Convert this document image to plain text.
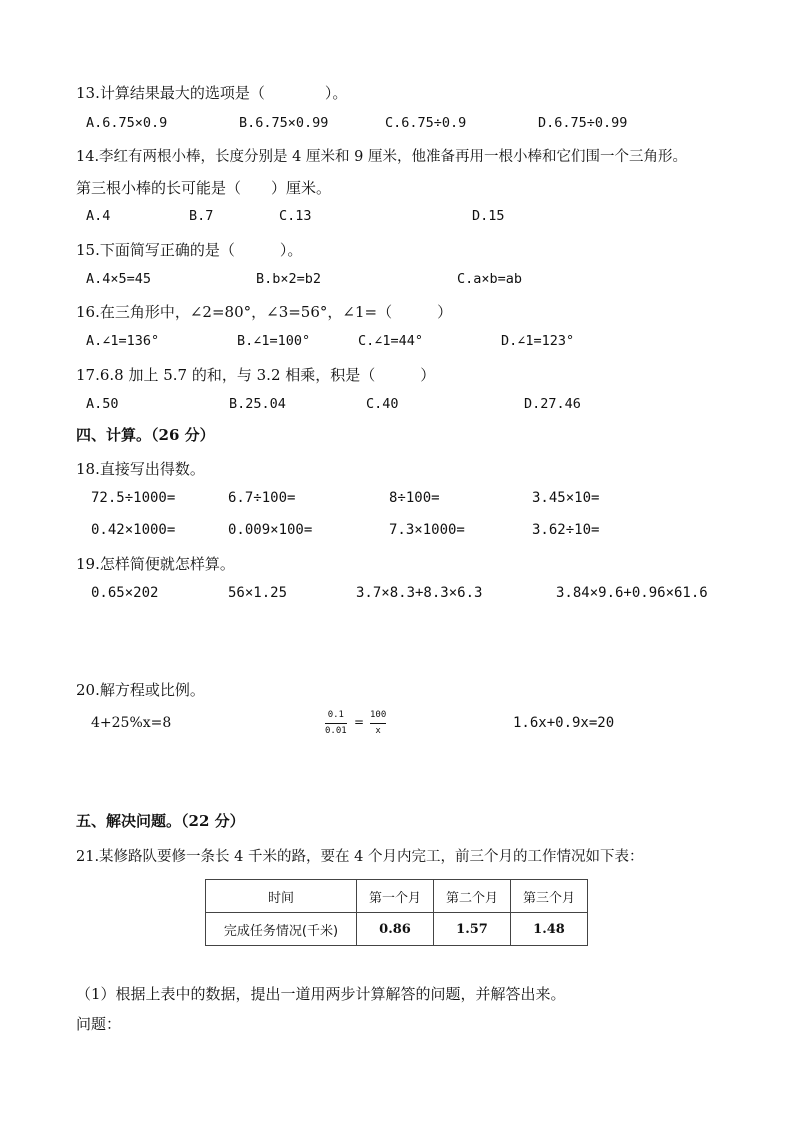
13.计算结果最大的选项是（　　　　）。
A.6.75×0.9	B.6.75×0.99	C.6.75÷0.9	D.6.75÷0.99
14.李红有两根小棒，长度分别是 4 厘米和 9 厘米，他准备再用一根小棒和它们围一个三角形。
第三根小棒的长可能是（　　）厘米。
A.4	B.7	C.13	D.15
15.下面简写正确的是（　　　）。
A.4×5=45	B.b×2=b2	C.a×b=ab
16.在三角形中，∠2=80°，∠3=56°，∠1=（　　　）
A.∠1=136°	B.∠1=100°	C.∠1=44°	D.∠1=123°
17.6.8 加上 5.7 的和，与 3.2 相乘，积是（　　　）
A.50	B.25.04	C.40	D.27.46
四、计算。（26 分）
18.直接写出得数。
72.5÷1000=	6.7÷100=	8÷100=	3.45×10=
0.42×1000=	0.009×100=	7.3×1000=	3.62÷10=
19.怎样简便就怎样算。
0.65×202	56×1.25	3.7×8.3+8.3×6.3	3.84×9.6+0.96×61.6
20.解方程或比例。
4+25%x=8	0.1
0.01
= 100
x	1.6x+0.9x=20
五、解决问题。（22 分）
21.某修路队要修一条长 4 千米的路，要在 4 个月内完工，前三个月的工作情况如下表：
时间	第一个月	第二个月	第三个月
完成任务情况(千米)	0.86	1.57	1.48
（1）根据上表中的数据，提出一道用两步计算解答的问题，并解答出来。
问题：
